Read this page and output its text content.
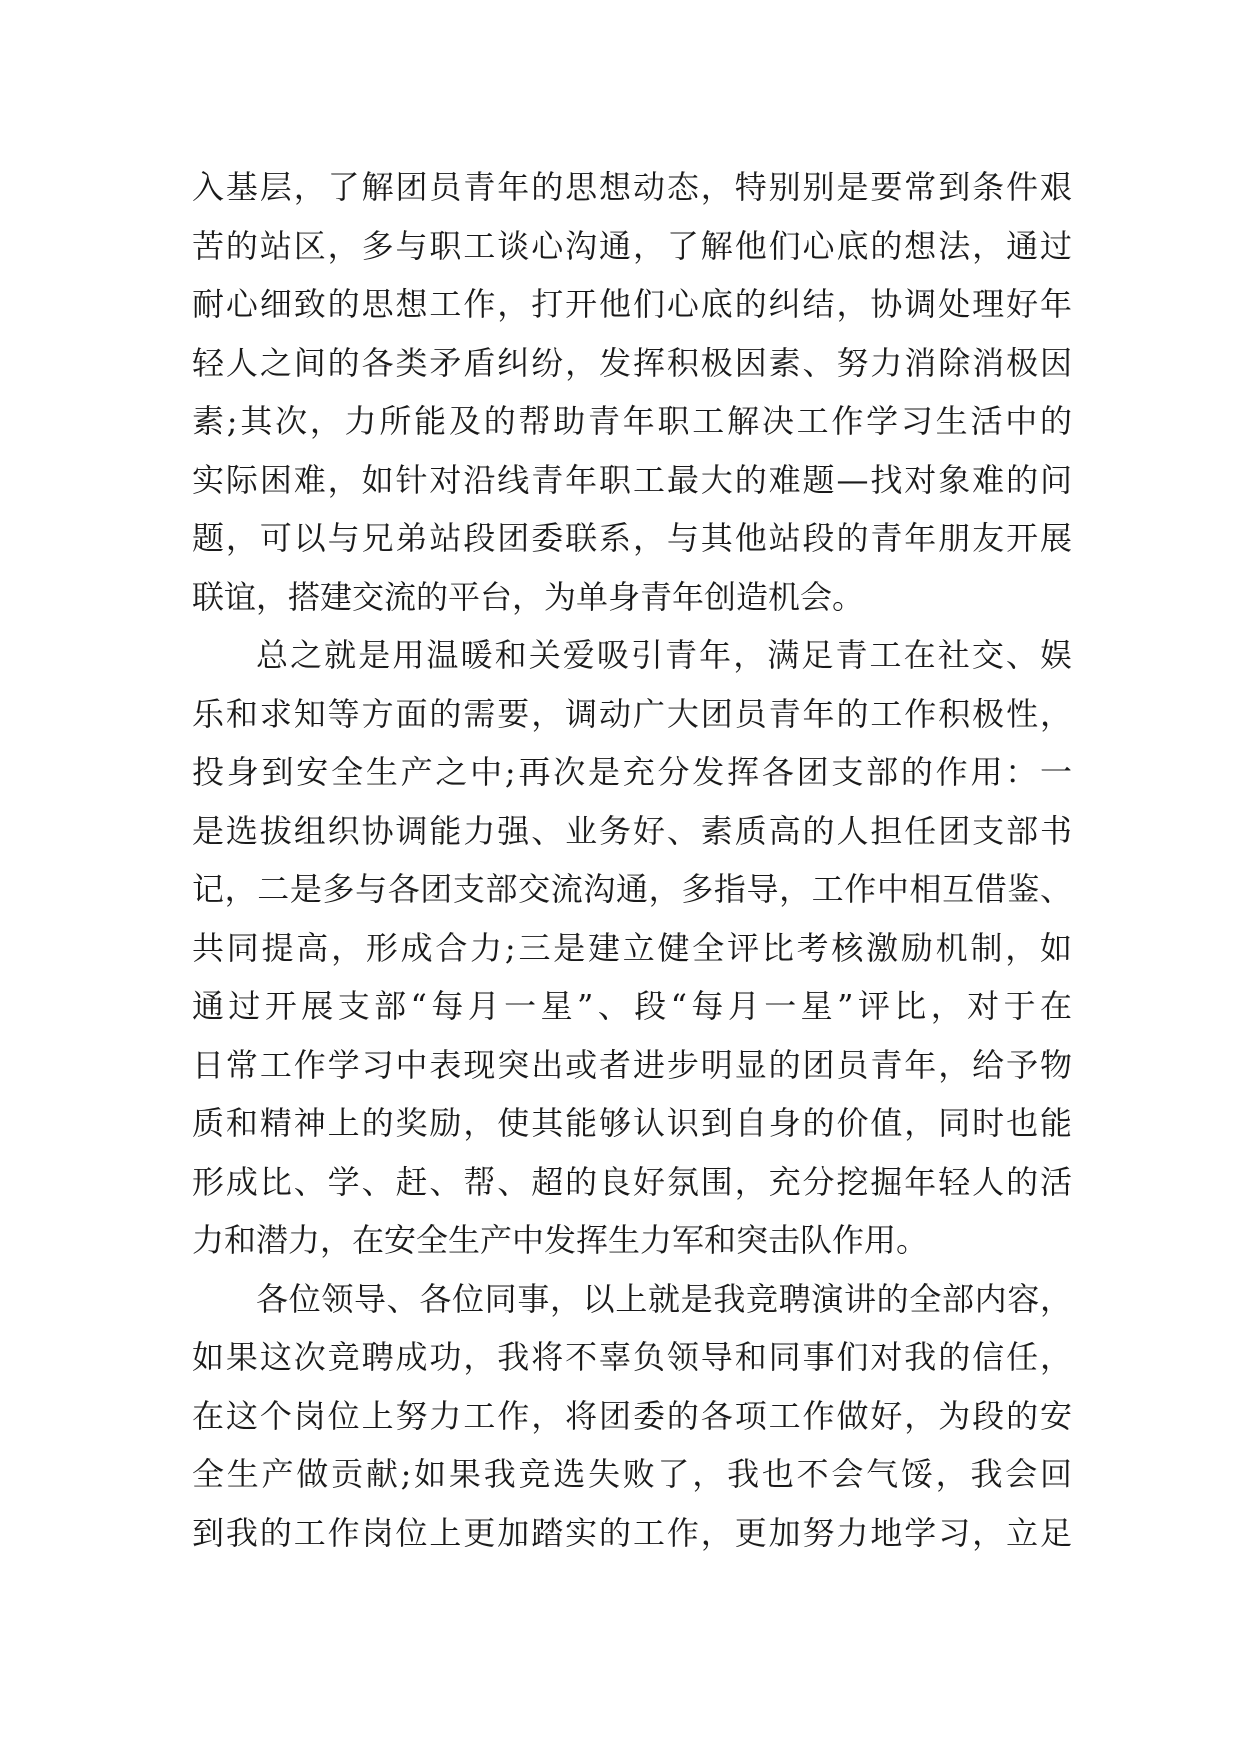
入基层，了解团员青年的思想动态，特别别是要常到条件艰
苦的站区，多与职工谈心沟通，了解他们心底的想法，通过
耐心细致的思想工作，打开他们心底的纠结，协调处理好年
轻人之间的各类矛盾纠纷，发挥积极因素、努力消除消极因
素;其次，力所能及的帮助青年职工解决工作学习生活中的
实际困难，如针对沿线青年职工最大的难题—找对象难的问
题，可以与兄弟站段团委联系，与其他站段的青年朋友开展
联谊，搭建交流的平台，为单身青年创造机会。
总之就是用温暖和关爱吸引青年，满足青工在社交、娱
乐和求知等方面的需要，调动广大团员青年的工作积极性，
投身到安全生产之中;再次是充分发挥各团支部的作用：一
是选拔组织协调能力强、业务好、素质高的人担任团支部书
记，二是多与各团支部交流沟通，多指导，工作中相互借鉴、
共同提高，形成合力;三是建立健全评比考核激励机制，如
通过开展支部“每月一星”、段“每月一星”评比，对于在
日常工作学习中表现突出或者进步明显的团员青年，给予物
质和精神上的奖励，使其能够认识到自身的价值，同时也能
形成比、学、赶、帮、超的良好氛围，充分挖掘年轻人的活
力和潜力，在安全生产中发挥生力军和突击队作用。
各位领导、各位同事，以上就是我竞聘演讲的全部内容，
如果这次竞聘成功，我将不辜负领导和同事们对我的信任，
在这个岗位上努力工作，将团委的各项工作做好，为段的安
全生产做贡献;如果我竞选失败了，我也不会气馁，我会回
到我的工作岗位上更加踏实的工作，更加努力地学习，立足
